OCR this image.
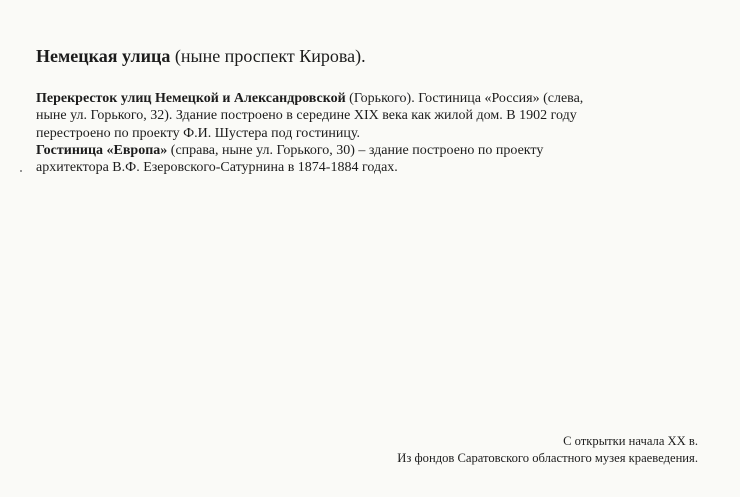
Немецкая улица (ныне проспект Кирова).

Перекресток улиц Немецкой и Александровской (Горького). Гостиница «Россия» (слева,
ныне ул. Горького, 32). Здание построено в середине XIX века как жилой дом. В 1902 году
перестроено по проекту Ф.И. Шустера под гостиницу.

Гостиница «Европа» (справа, ныне ул. Горького, 30) – здание построено по проекту
архитектора В.Ф. Езеровского-Сатурнина в 1874-1884 годах.

С открытки начала XX в.
Из фондов Саратовского областного музея краеведения.
